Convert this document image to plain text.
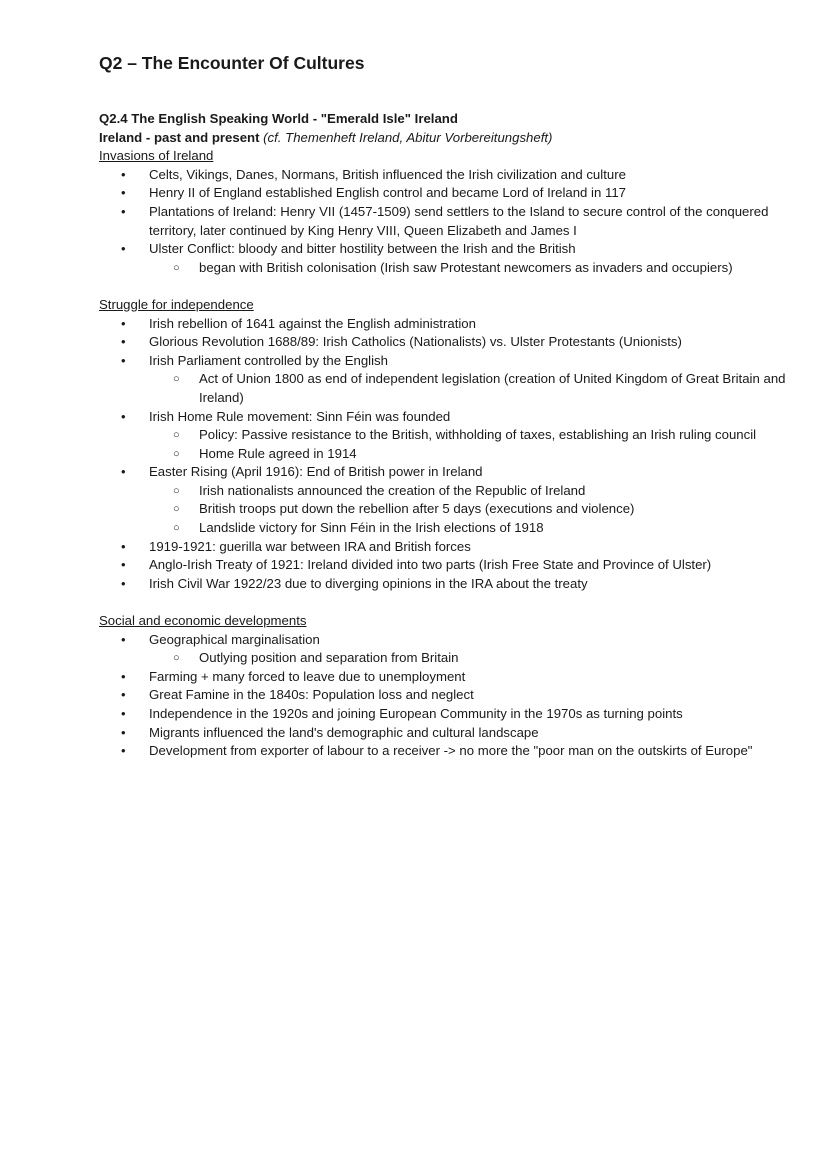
Q2 – The Encounter Of Cultures
Q2.4 The English Speaking World - "Emerald Isle" Ireland
Ireland - past and present (cf. Themenheft Ireland, Abitur Vorbereitungsheft)
Invasions of Ireland
• Celts, Vikings, Danes, Normans, British influenced the Irish civilization and culture
• Henry II of England established English control and became Lord of Ireland in 117
• Plantations of Ireland: Henry VII (1457-1509) send settlers to the Island to secure control of the conquered territory, later continued by King Henry VIII, Queen Elizabeth and James I
• Ulster Conflict: bloody and bitter hostility between the Irish and the British
○ began with British colonisation (Irish saw Protestant newcomers as invaders and occupiers)
Struggle for independence
• Irish rebellion of 1641 against the English administration
• Glorious Revolution 1688/89: Irish Catholics (Nationalists) vs. Ulster Protestants (Unionists)
• Irish Parliament controlled by the English
○ Act of Union 1800 as end of independent legislation (creation of United Kingdom of Great Britain and Ireland)
• Irish Home Rule movement: Sinn Féin was founded
○ Policy: Passive resistance to the British, withholding of taxes, establishing an Irish ruling council
○ Home Rule agreed in 1914
• Easter Rising (April 1916): End of British power in Ireland
○ Irish nationalists announced the creation of the Republic of Ireland
○ British troops put down the rebellion after 5 days (executions and violence)
○ Landslide victory for Sinn Féin in the Irish elections of 1918
• 1919-1921: guerilla war between IRA and British forces
• Anglo-Irish Treaty of 1921: Ireland divided into two parts (Irish Free State and Province of Ulster)
• Irish Civil War 1922/23 due to diverging opinions in the IRA about the treaty
Social and economic developments
• Geographical marginalisation
○ Outlying position and separation from Britain
• Farming + many forced to leave due to unemployment
• Great Famine in the 1840s: Population loss and neglect
• Independence in the 1920s and joining European Community in the 1970s as turning points
• Migrants influenced the land's demographic and cultural landscape
• Development from exporter of labour to a receiver -> no more the "poor man on the outskirts of Europe"
